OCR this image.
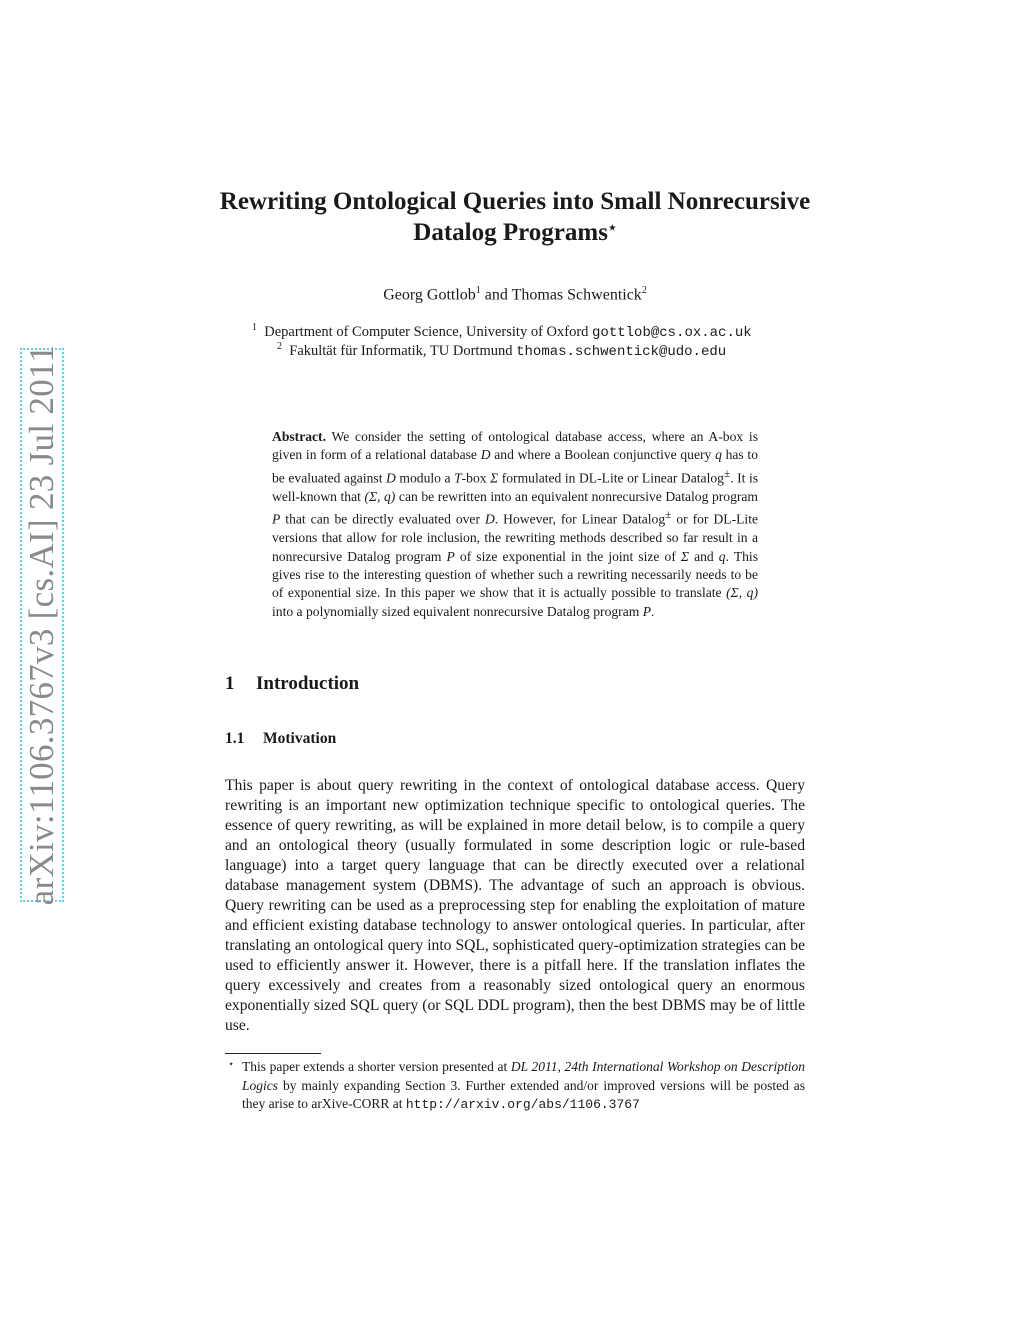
arXiv:1106.3767v3 [cs.AI] 23 Jul 2011
Rewriting Ontological Queries into Small Nonrecursive
Datalog Programs⋆
Georg Gottlob$^1$ and Thomas Schwentick$^2$
$^1$ Department of Computer Science, University of Oxford gottlob@cs.ox.ac.uk
$^2$ Fakultät für Informatik, TU Dortmund thomas.schwentick@udo.edu
Abstract. We consider the setting of ontological database access, where an A-box is given in form of a relational database D and where a Boolean conjunctive query q has to be evaluated against D modulo a T-box Σ formulated in DL-Lite or Linear Datalog±. It is well-known that (Σ, q) can be rewritten into an equivalent nonrecursive Datalog program P that can be directly evaluated over D. However, for Linear Datalog± or for DL-Lite versions that allow for role inclusion, the rewriting methods described so far result in a nonrecursive Datalog program P of size exponential in the joint size of Σ and q. This gives rise to the interesting question of whether such a rewriting necessarily needs to be of exponential size. In this paper we show that it is actually possible to translate (Σ, q) into a polynomially sized equivalent nonrecursive Datalog program P.
1 Introduction
1.1 Motivation
This paper is about query rewriting in the context of ontological database access. Query rewriting is an important new optimization technique specific to ontological queries. The essence of query rewriting, as will be explained in more detail below, is to compile a query and an ontological theory (usually formulated in some description logic or rule-based language) into a target query language that can be directly executed over a relational database management system (DBMS). The advantage of such an approach is obvious. Query rewriting can be used as a preprocessing step for enabling the exploitation of mature and efficient existing database technology to answer ontological queries. In particular, after translating an ontological query into SQL, sophisticated query-optimization strategies can be used to efficiently answer it. However, there is a pitfall here. If the translation inflates the query excessively and creates from a reasonably sized ontological query an enormous exponentially sized SQL query (or SQL DDL program), then the best DBMS may be of little use.
⋆ This paper extends a shorter version presented at DL 2011, 24th International Workshop on Description Logics by mainly expanding Section 3. Further extended and/or improved versions will be posted as they arise to arXive-CORR at http://arxiv.org/abs/1106.3767
